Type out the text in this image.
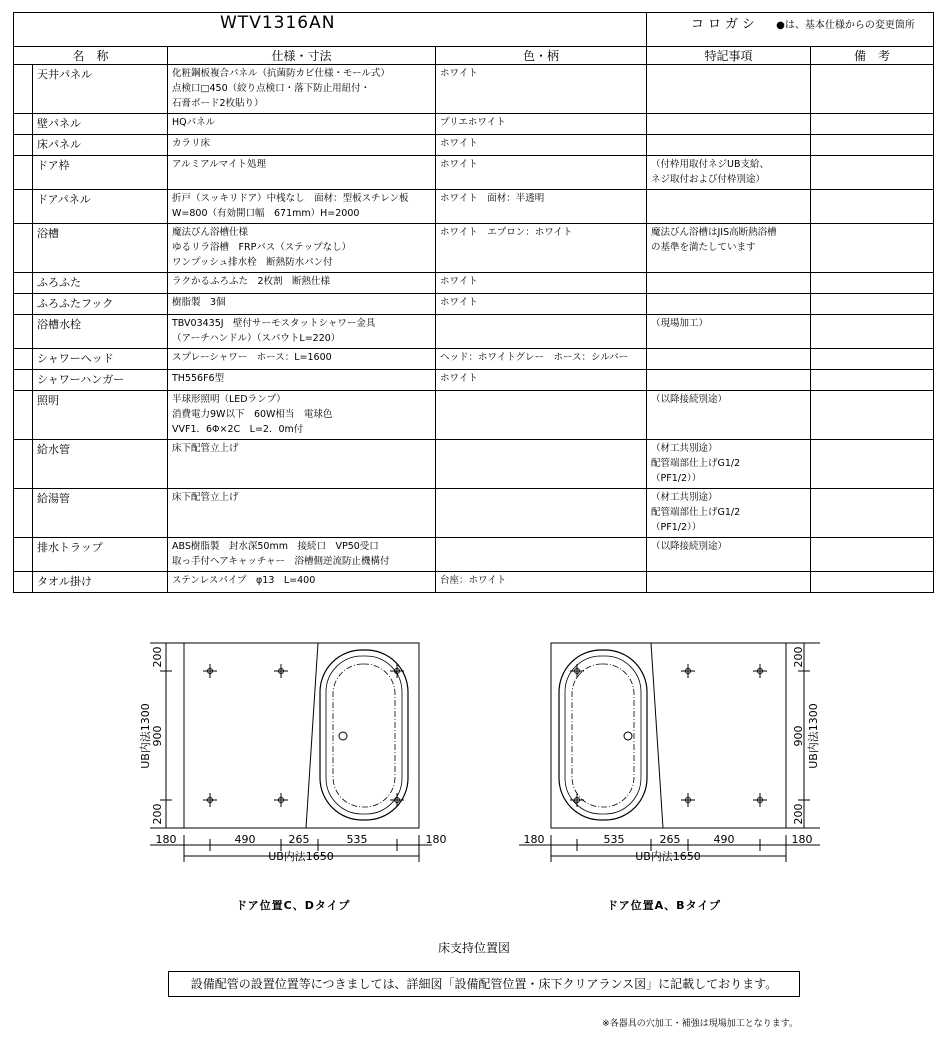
WTV1316AN				コロガシ ●は、基本仕様からの変更箇所	
名　称		仕様・寸法	色・柄	特記事項	備　考
	天井パネル	化粧鋼板複合パネル（抗菌防カビ仕様・モール式）
点検口□450（絞り点検口・落下防止用紐付・
石膏ボード2枚貼り）	ホワイト		
	壁パネル	HQパネル	プリエホワイト		
	床パネル	カラリ床	ホワイト		
	ドア枠	アルミアルマイト処理	ホワイト	（付枠用取付ネジUB支給、
ネジ取付および付枠別途）	
	ドアパネル	折戸（スッキリドア）中桟なし　面材：型板スチレン板
W=800（有効開口幅　671mm）H=2000	ホワイト　面材：半透明		
	浴槽	魔法びん浴槽仕様
ゆるリラ浴槽　FRPバス（ステップなし）
ワンプッシュ排水栓　断熱防水パン付	ホワイト　エプロン：ホワイト	魔法びん浴槽はJIS高断熱浴槽
の基準を満たしています	
	ふろふた	ラクかるふろふた　2枚割　断熱仕様	ホワイト		
	ふろふたフック	樹脂製　3個	ホワイト		
	浴槽水栓	TBV03435J　壁付サーモスタットシャワー金具
（アーチハンドル）（スパウトL=220）		（現場加工）	
	シャワーヘッド	スプレーシャワー　ホース：L=1600	ヘッド：ホワイトグレー　ホース：シルバー		
	シャワーハンガー	TH556F6型	ホワイト		
	照明	半球形照明（LEDランプ）
消費電力9W以下　60W相当　電球色
VVF1．6Φ×2C　L=2．0m付		（以降接続別途）	
	給水管	床下配管立上げ		（材工共別途）
配管端部仕上げG1/2
（PF1/2））	
	給湯管	床下配管立上げ		（材工共別途）
配管端部仕上げG1/2
（PF1/2））	
	排水トラップ	ABS樹脂製　封水深50mm　接続口　VP50受口
取っ手付ヘアキャッチャー　浴槽側逆流防止機構付		（以降接続別途）	
	タオル掛け	ステンレスパイプ　φ13　L=400	台座：ホワイト		
200
900
200
UB内法1300
180	490	265	535	180
UB内法1650
200
900
200
UB内法1300
180	535	265	490	180
UB内法1650
ドア位置C、Dタイプ	ドア位置A、Bタイプ
床支持位置図
設備配管の設置位置等につきましては、詳細図「設備配管位置・床下クリアランス図」に記載しております。
※各器具の穴加工・補強は現場加工となります。
